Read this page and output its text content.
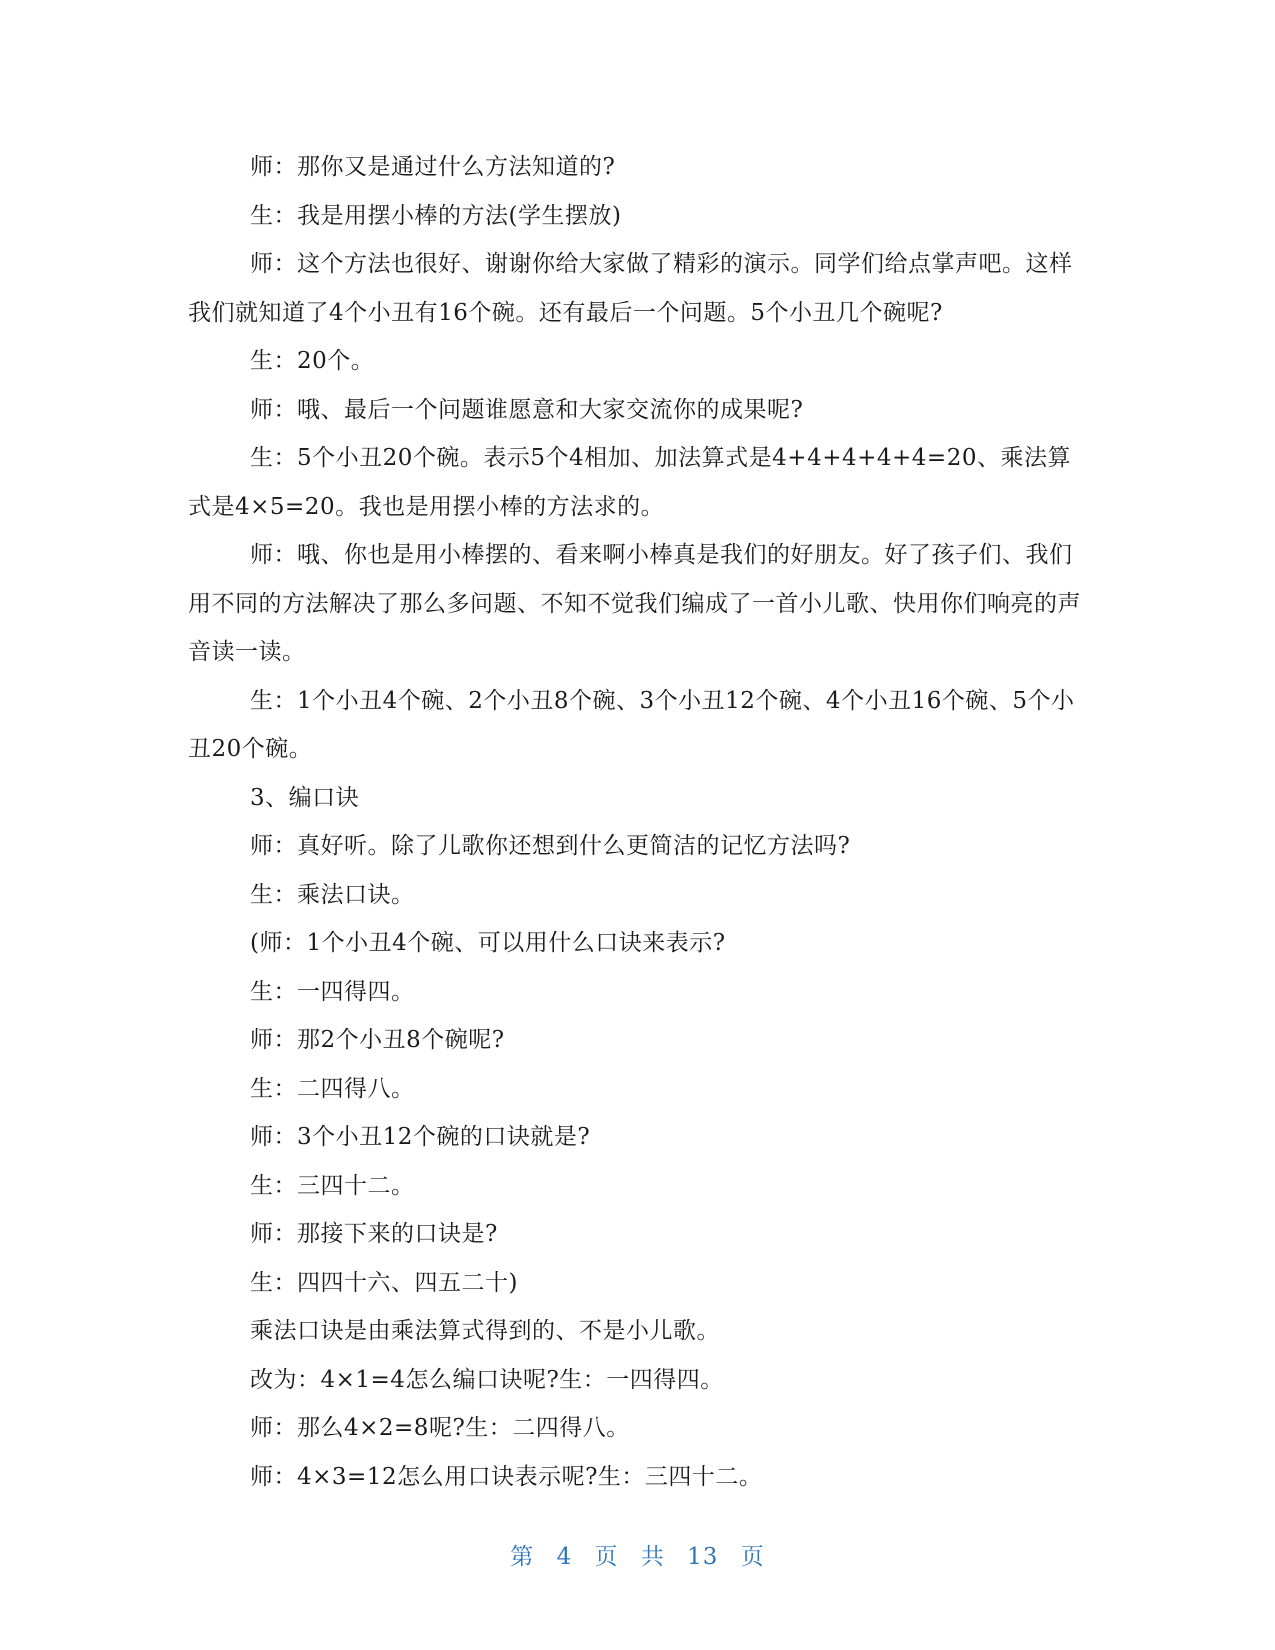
师：那你又是通过什么方法知道的?

生：我是用摆小棒的方法(学生摆放)

师：这个方法也很好、谢谢你给大家做了精彩的演示。同学们给点掌声吧。这样我们就知道了4个小丑有16个碗。还有最后一个问题。5个小丑几个碗呢?

生：20个。

师：哦、最后一个问题谁愿意和大家交流你的成果呢?

生：5个小丑20个碗。表示5个4相加、加法算式是4+4+4+4+4=20、乘法算式是4×5=20。我也是用摆小棒的方法求的。

师：哦、你也是用小棒摆的、看来啊小棒真是我们的好朋友。好了孩子们、我们用不同的方法解决了那么多问题、不知不觉我们编成了一首小儿歌、快用你们响亮的声音读一读。

生：1个小丑4个碗、2个小丑8个碗、3个小丑12个碗、4个小丑16个碗、5个小丑20个碗。

3、编口诀

师：真好听。除了儿歌你还想到什么更简洁的记忆方法吗?

生：乘法口诀。

(师：1个小丑4个碗、可以用什么口诀来表示?

生：一四得四。

师：那2个小丑8个碗呢?

生：二四得八。

师：3个小丑12个碗的口诀就是?

生：三四十二。

师：那接下来的口诀是?

生：四四十六、四五二十)

乘法口诀是由乘法算式得到的、不是小儿歌。

改为：4×1=4怎么编口诀呢?生：一四得四。

师：那么4×2=8呢?生：二四得八。

师：4×3=12怎么用口诀表示呢?生：三四十二。

第 4 页 共 13 页
